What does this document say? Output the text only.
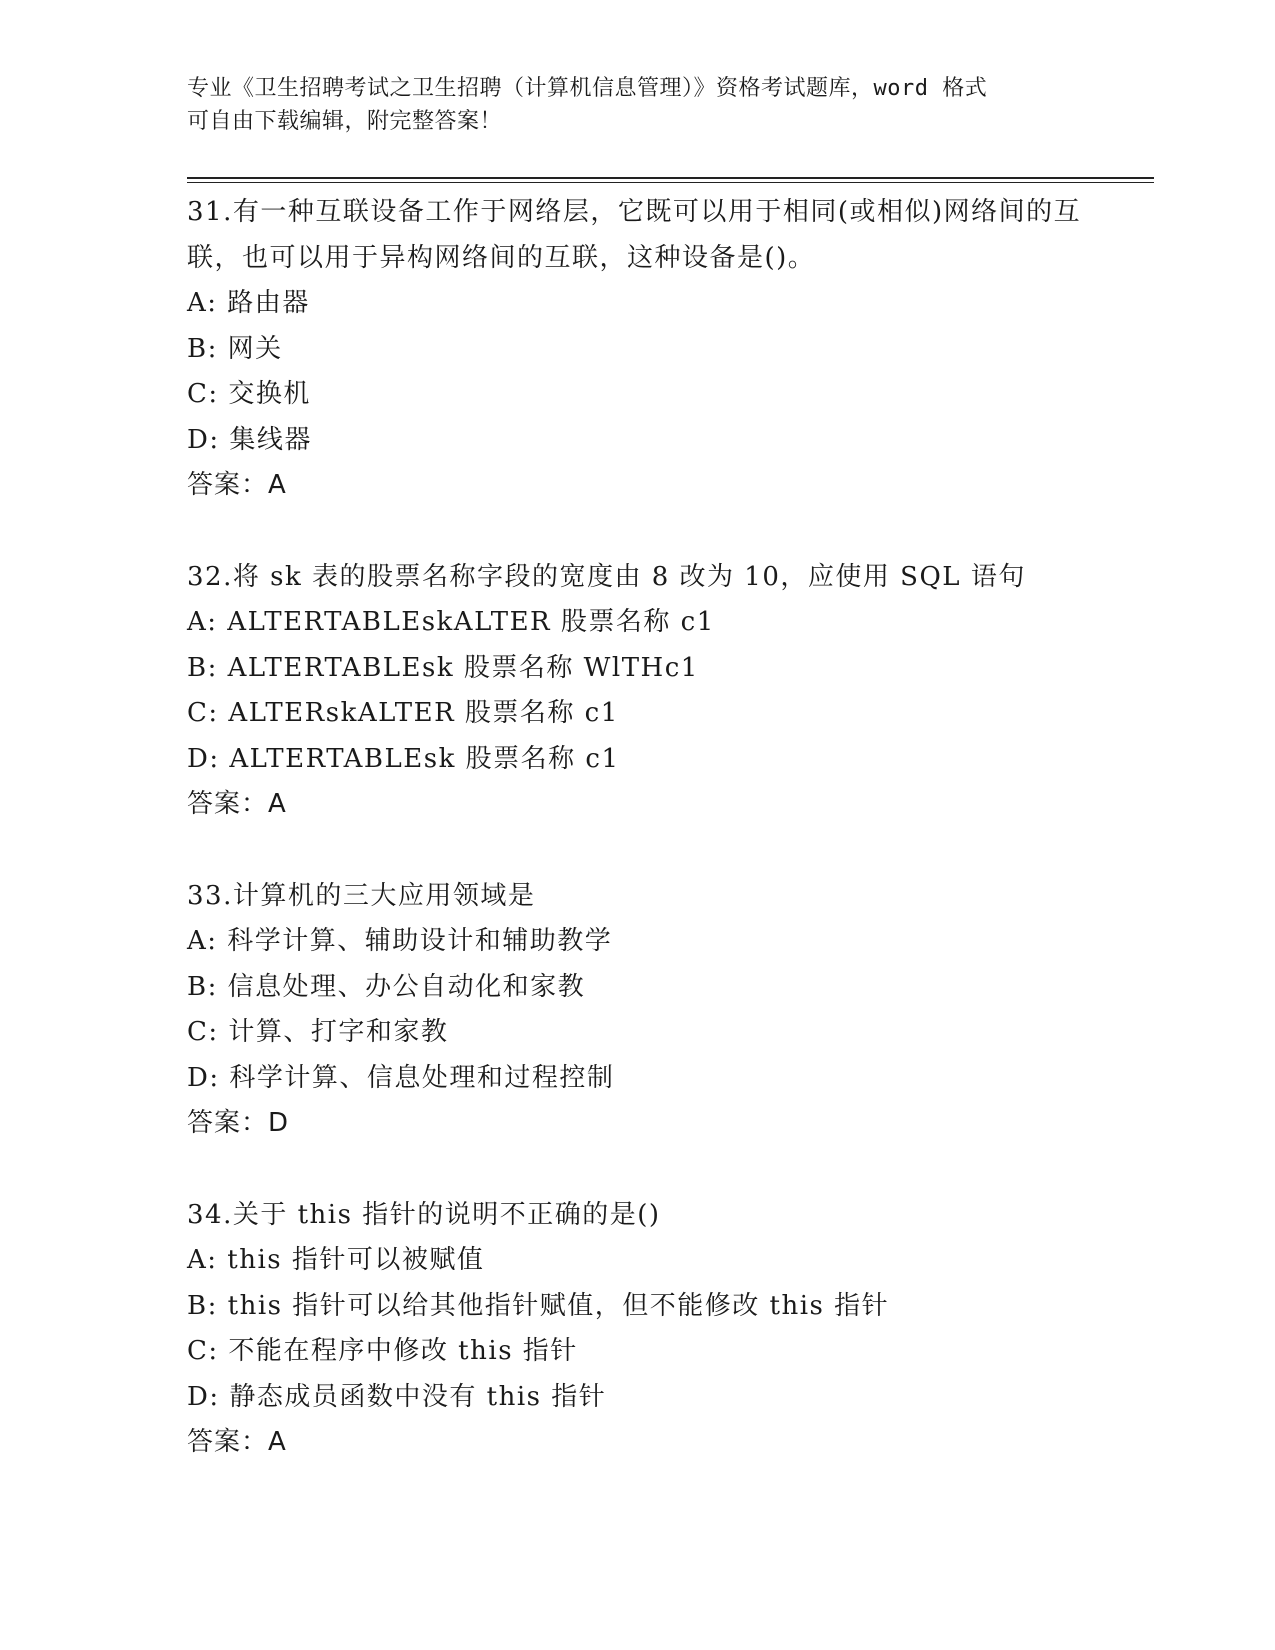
专业《卫生招聘考试之卫生招聘（计算机信息管理）》资格考试题库，word 格式
可自由下载编辑，附完整答案！
31.有一种互联设备工作于网络层，它既可以用于相同(或相似)网络间的互联，也可以用于异构网络间的互联，这种设备是()。
A: 路由器
B: 网关
C: 交换机
D: 集线器
答案：A
32.将 sk 表的股票名称字段的宽度由 8 改为 10，应使用 SQL 语句
A: ALTERTABLEskALTER 股票名称 c1
B: ALTERTABLEsk 股票名称 WlTHc1
C: ALTERskALTER 股票名称 c1
D: ALTERTABLEsk 股票名称 c1
答案：A
33.计算机的三大应用领域是
A: 科学计算、辅助设计和辅助教学
B: 信息处理、办公自动化和家教
C: 计算、打字和家教
D: 科学计算、信息处理和过程控制
答案：D
34.关于 this 指针的说明不正确的是()
A: this 指针可以被赋值
B: this 指针可以给其他指针赋值，但不能修改 this 指针
C: 不能在程序中修改 this 指针
D: 静态成员函数中没有 this 指针
答案：A
